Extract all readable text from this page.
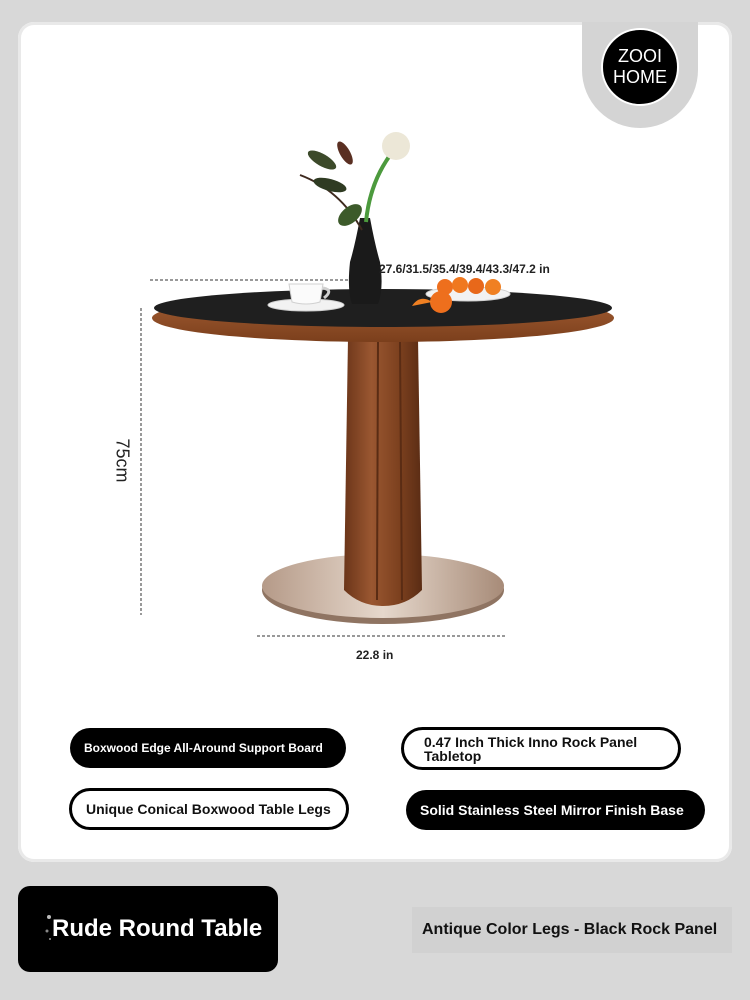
ZOOI
HOME
27.6/31.5/35.4/39.4/43.3/47.2 in
75cm
22.8 in
Boxwood Edge All-Around Support Board	0.47 Inch Thick Inno Rock Panel Tabletop
Unique Conical Boxwood Table Legs	Solid Stainless Steel Mirror Finish Base
Rude Round Table	Antique Color Legs - Black Rock Panel
